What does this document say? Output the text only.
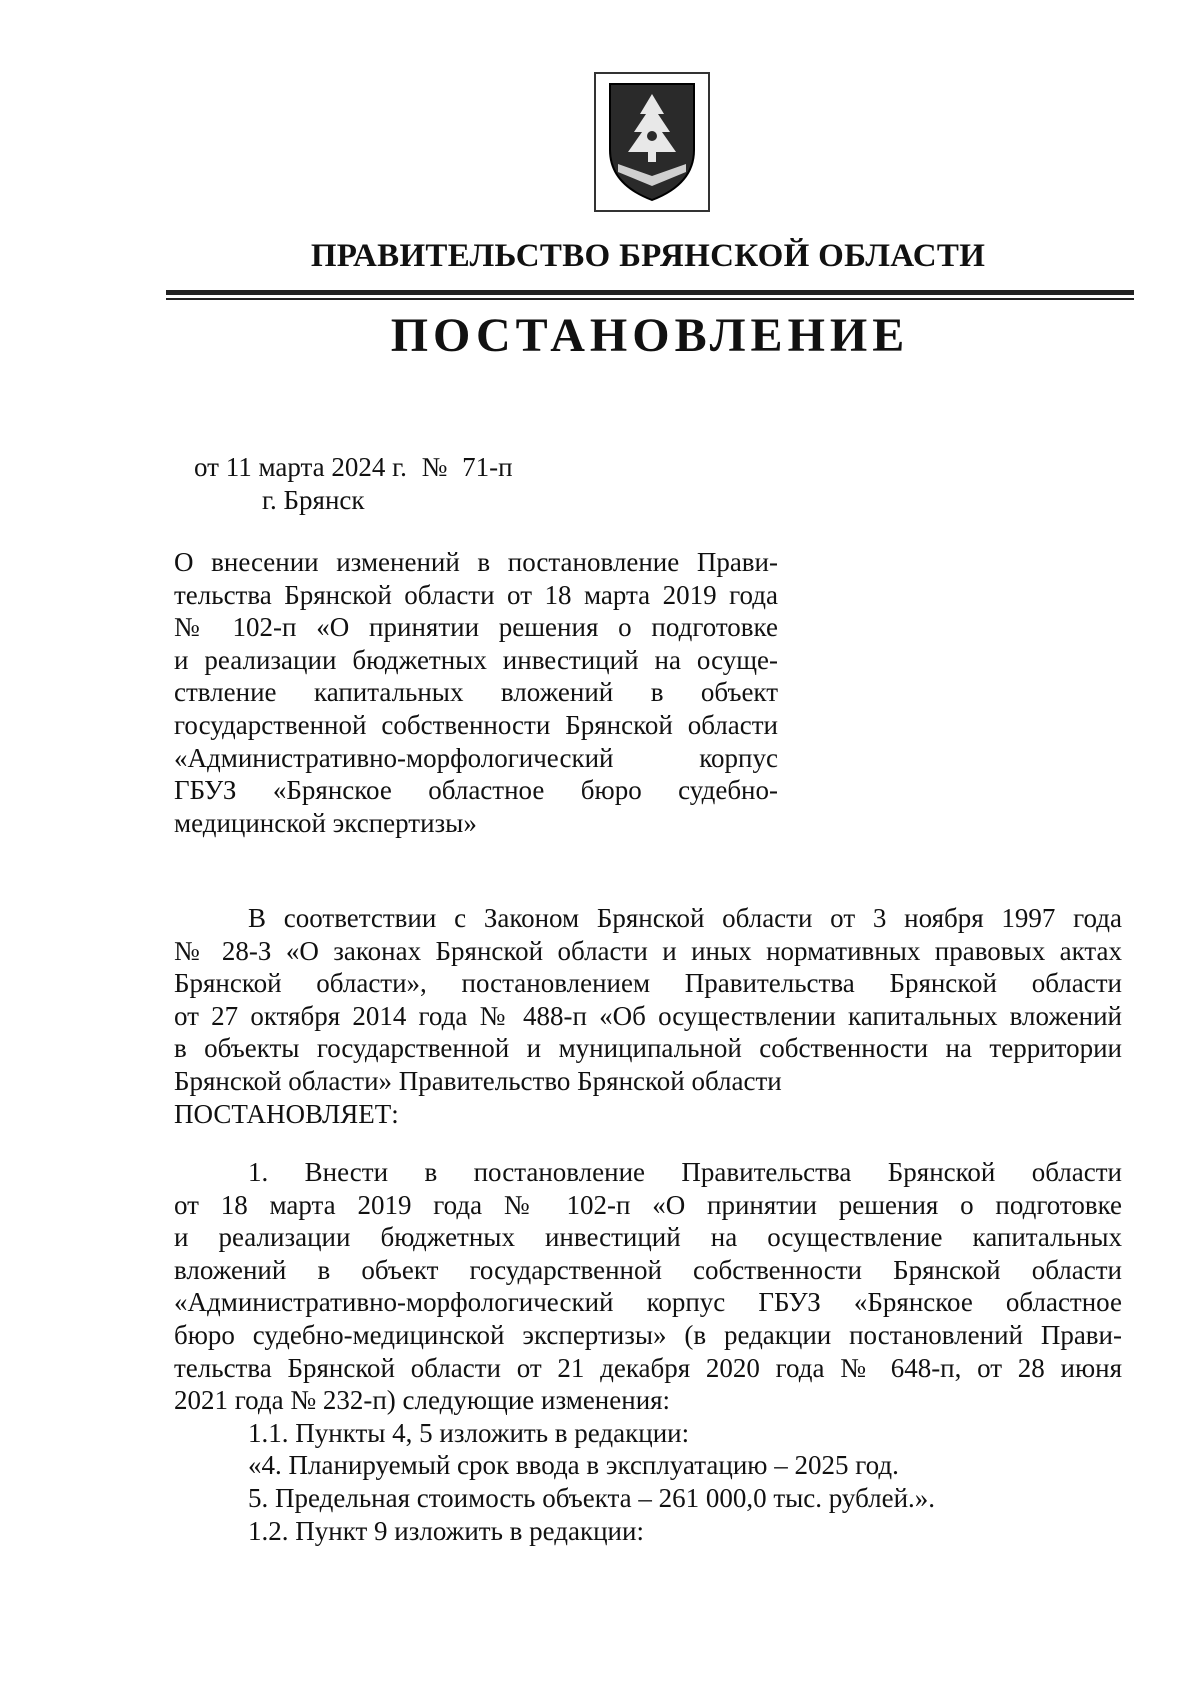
ПРАВИТЕЛЬСТВО БРЯНСКОЙ ОБЛАСТИ
ПОСТАНОВЛЕНИЕ
от 11 марта 2024 г. № 71-п
г. Брянск
О внесении изменений в постановление Прави-
тельства Брянской области от 18 марта 2019 года
№ 102-п «О принятии решения о подготовке
и реализации бюджетных инвестиций на осуще-
ствление капитальных вложений в объект
государственной собственности Брянской области
«Административно-морфологический корпус
ГБУЗ «Брянское областное бюро судебно-
медицинской экспертизы»
В соответствии с Законом Брянской области от 3 ноября 1997 года
№ 28-З «О законах Брянской области и иных нормативных правовых актах
Брянской области», постановлением Правительства Брянской области
от 27 октября 2014 года № 488-п «Об осуществлении капитальных вложений
в объекты государственной и муниципальной собственности на территории
Брянской области» Правительство Брянской области
ПОСТАНОВЛЯЕТ:
1. Внести в постановление Правительства Брянской области
от 18 марта 2019 года № 102-п «О принятии решения о подготовке
и реализации бюджетных инвестиций на осуществление капитальных
вложений в объект государственной собственности Брянской области
«Административно-морфологический корпус ГБУЗ «Брянское областное
бюро судебно-медицинской экспертизы» (в редакции постановлений Прави-
тельства Брянской области от 21 декабря 2020 года № 648-п, от 28 июня
2021 года № 232-п) следующие изменения:
1.1. Пункты 4, 5 изложить в редакции:
«4. Планируемый срок ввода в эксплуатацию – 2025 год.
5. Предельная стоимость объекта – 261 000,0 тыс. рублей.».
1.2. Пункт 9 изложить в редакции:
